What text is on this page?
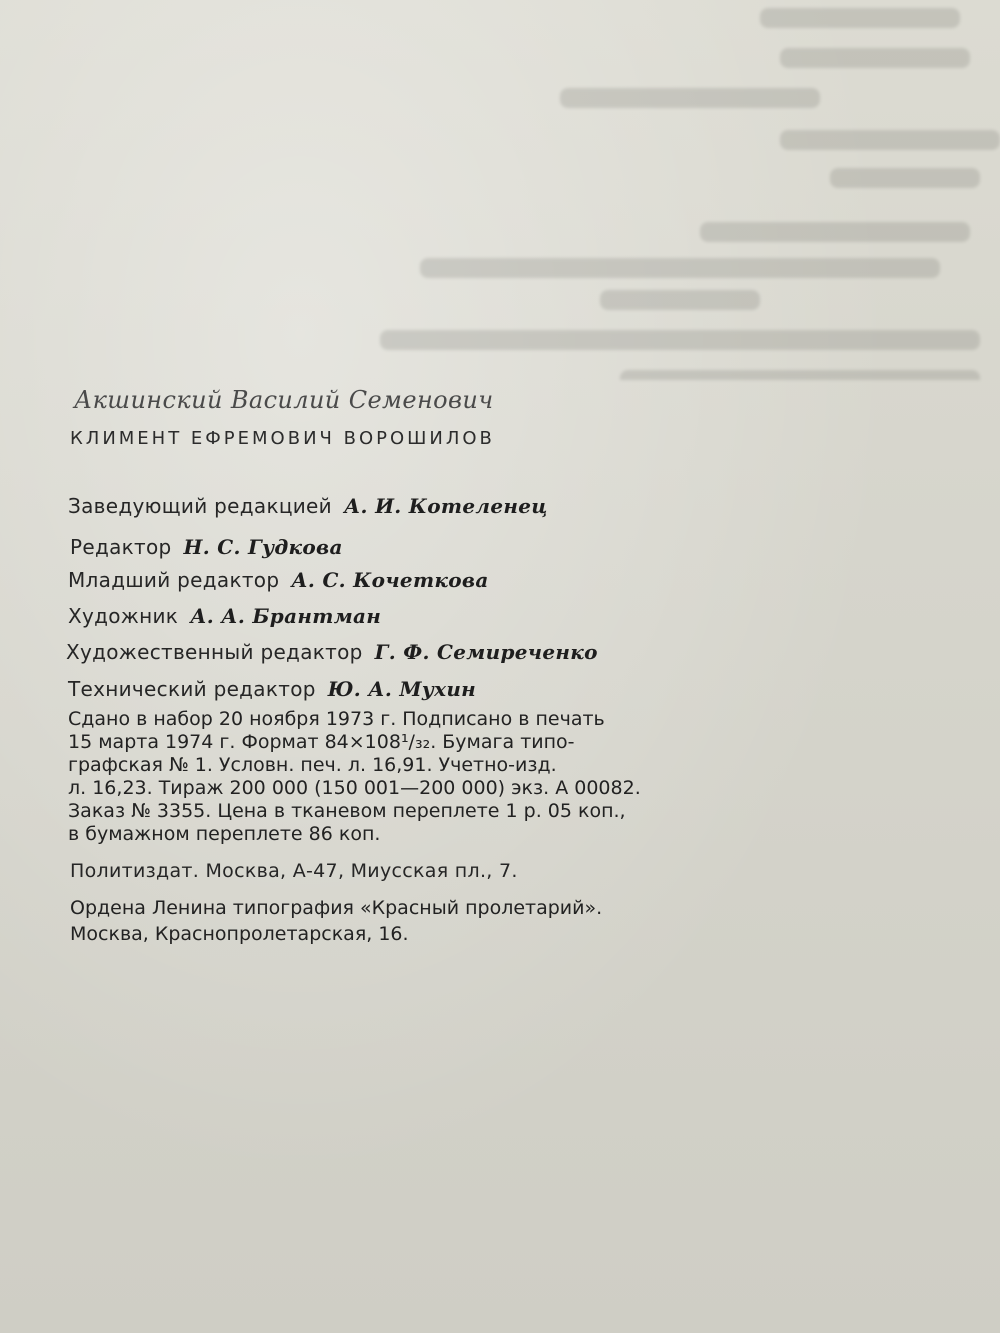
Акшинский Василий Семенович
КЛИМЕНТ ЕФРЕМОВИЧ ВОРОШИЛОВ
Заведующий редакцией А. И. Котеленец
Редактор Н. С. Гудкова
Младший редактор А. С. Кочеткова
Художник А. А. Брантман
Художественный редактор Г. Ф. Семиреченко
Технический редактор Ю. А. Мухин
Сдано в набор 20 ноября 1973 г. Подписано в печать
15 марта 1974 г. Формат 84×108¹/₃₂. Бумага типо-
графская № 1. Условн. печ. л. 16,91. Учетно-изд.
л. 16,23. Тираж 200 000 (150 001—200 000) экз. А 00082.
Заказ № 3355. Цена в тканевом переплете 1 р. 05 коп.,
в бумажном переплете 86 коп.
Политиздат. Москва, А-47, Миусская пл., 7.
Ордена Ленина типография «Красный пролетарий».
Москва, Краснопролетарская, 16.
